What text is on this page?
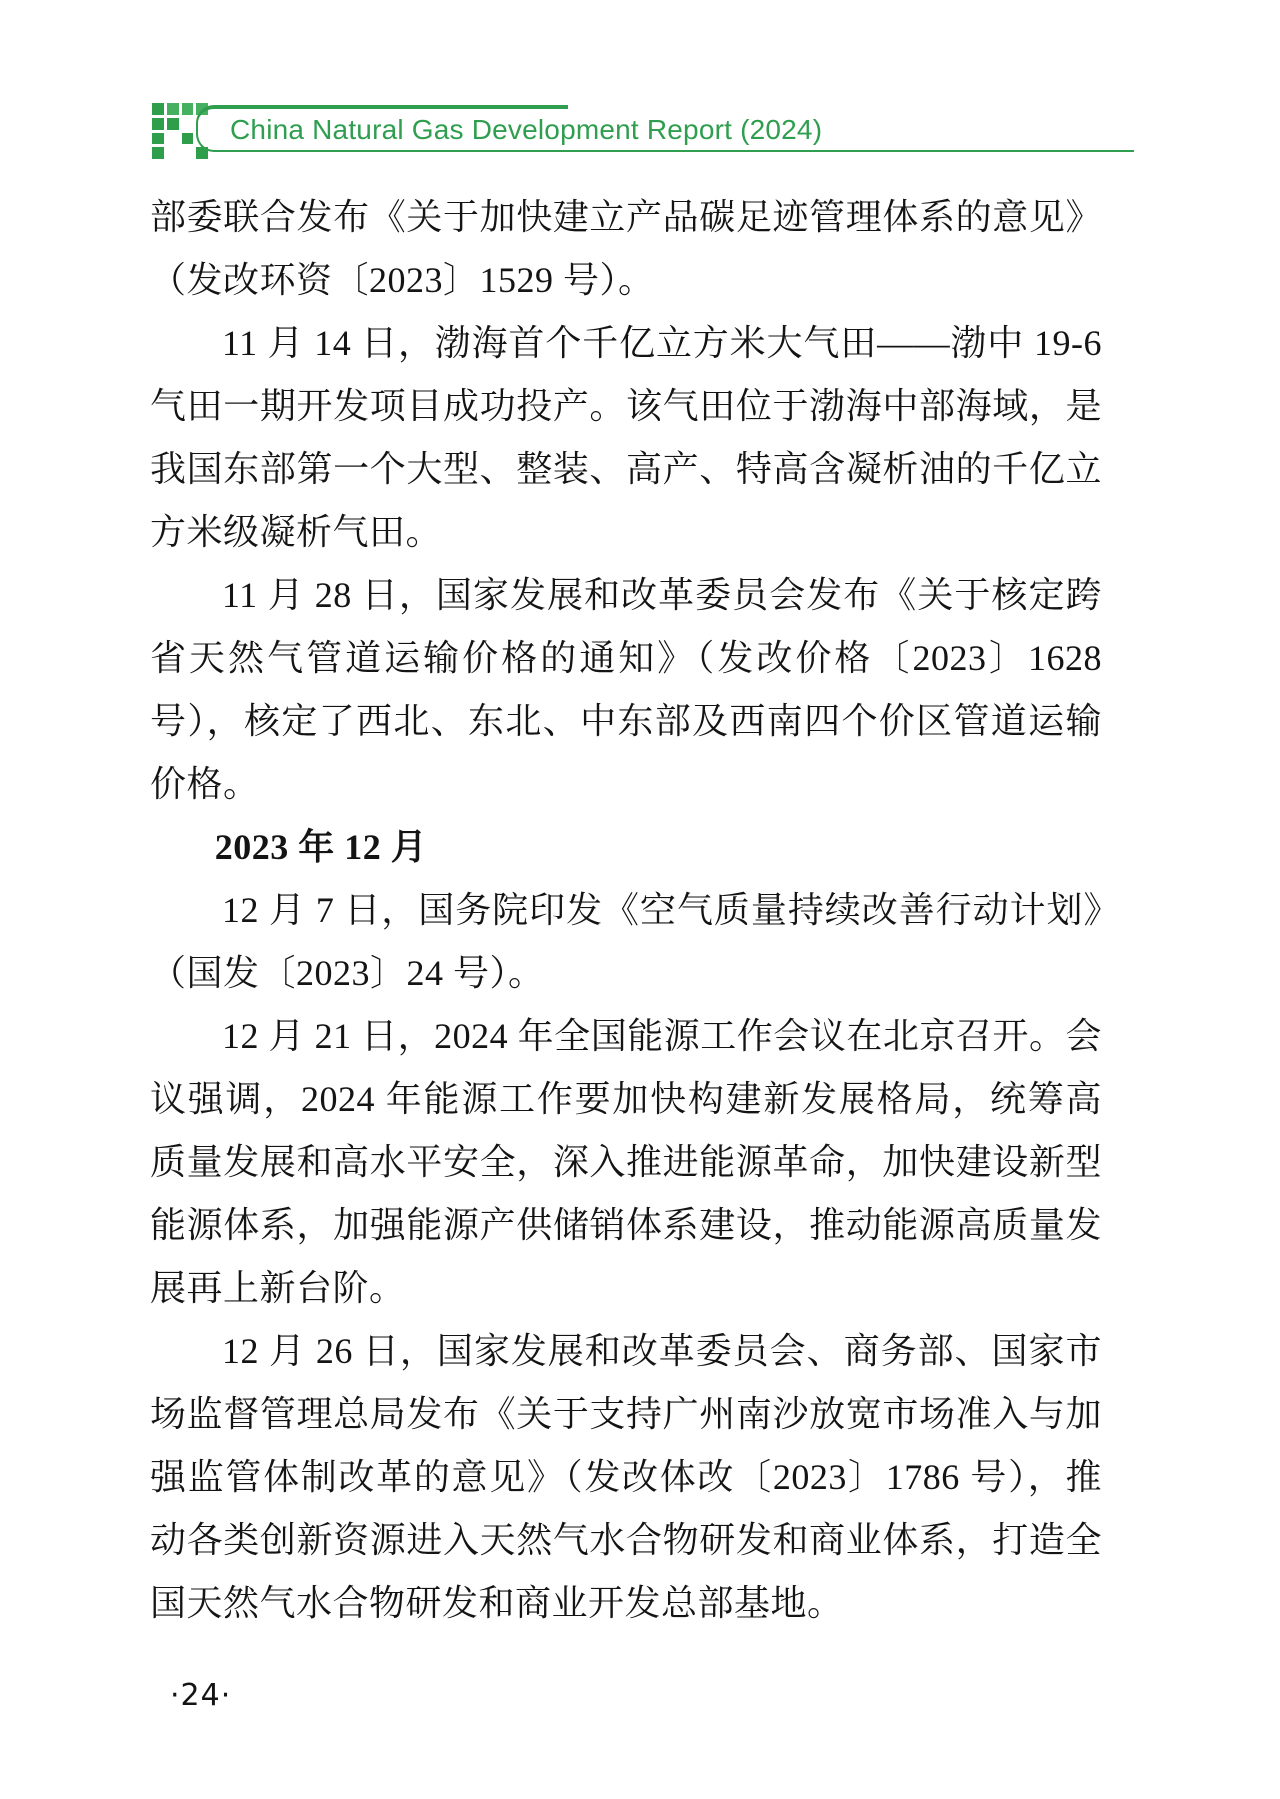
China Natural Gas Development Report (2024)

部委联合发布《关于加快建立产品碳足迹管理体系的意见》（发改环资〔2023〕1529 号）。

11 月 14 日，渤海首个千亿立方米大气田——渤中 19-6 气田一期开发项目成功投产。该气田位于渤海中部海域，是我国东部第一个大型、整装、高产、特高含凝析油的千亿立方米级凝析气田。

11 月 28 日，国家发展和改革委员会发布《关于核定跨省天然气管道运输价格的通知》（发改价格〔2023〕1628 号），核定了西北、东北、中东部及西南四个价区管道运输价格。

2023 年 12 月

12 月 7 日，国务院印发《空气质量持续改善行动计划》（国发〔2023〕24 号）。

12 月 21 日，2024 年全国能源工作会议在北京召开。会议强调，2024 年能源工作要加快构建新发展格局，统筹高质量发展和高水平安全，深入推进能源革命，加快建设新型能源体系，加强能源产供储销体系建设，推动能源高质量发展再上新台阶。

12 月 26 日，国家发展和改革委员会、商务部、国家市场监督管理总局发布《关于支持广州南沙放宽市场准入与加强监管体制改革的意见》（发改体改〔2023〕1786 号），推动各类创新资源进入天然气水合物研发和商业体系，打造全国天然气水合物研发和商业开发总部基地。

·24·
